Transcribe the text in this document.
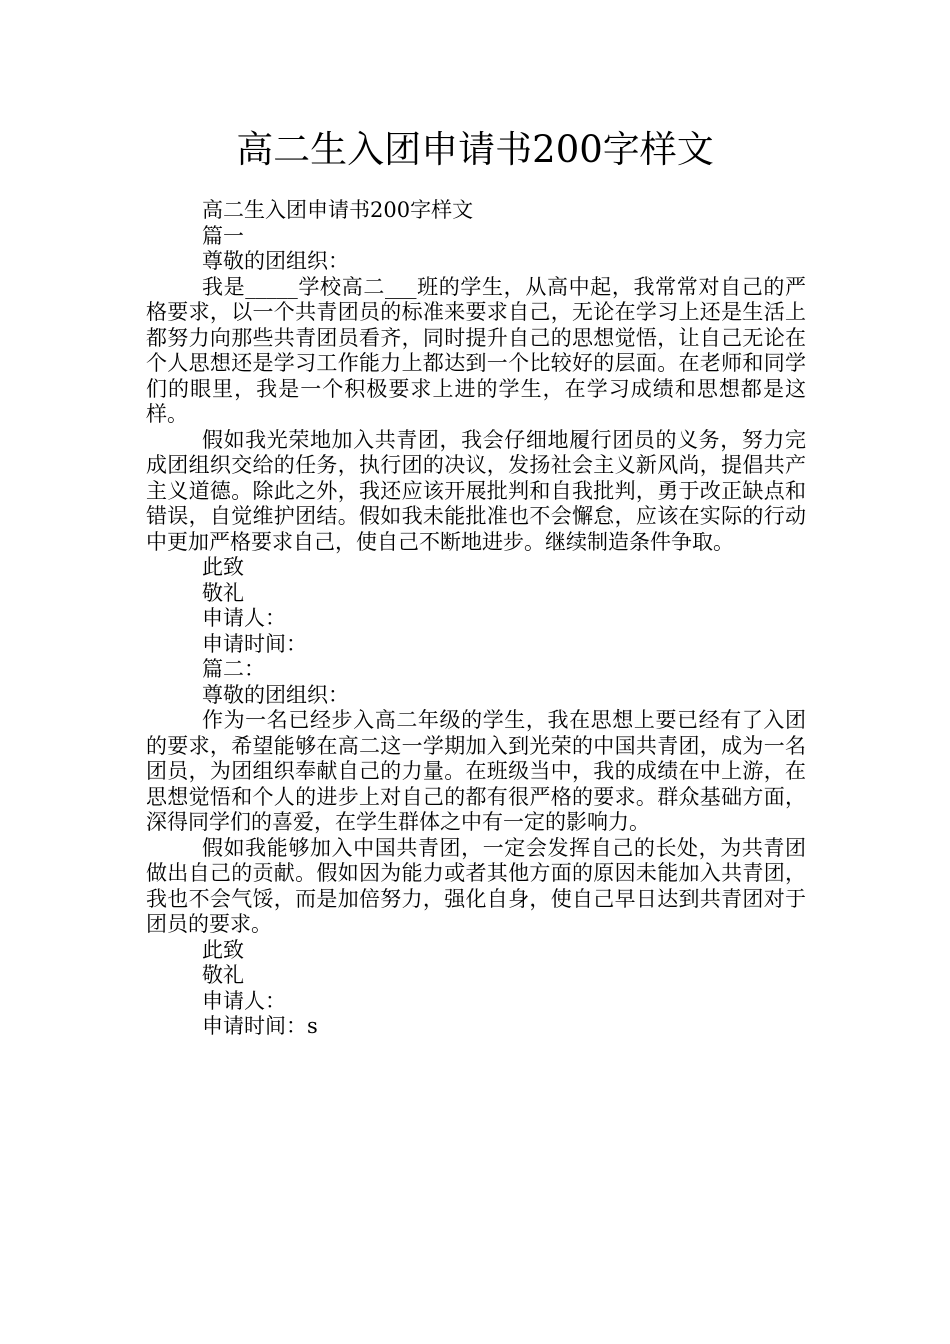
高二生入团申请书200字样文

高二生入团申请书200字样文

篇一

尊敬的团组织：

我是_____学校高二___班的学生，从高中起，我常常对自己的严格要求，以一个共青团员的标准来要求自己，无论在学习上还是生活上都努力向那些共青团员看齐，同时提升自己的思想觉悟，让自己无论在个人思想还是学习工作能力上都达到一个比较好的层面。在老师和同学们的眼里，我是一个积极要求上进的学生，在学习成绩和思想都是这样。

假如我光荣地加入共青团，我会仔细地履行团员的义务，努力完成团组织交给的任务，执行团的决议，发扬社会主义新风尚，提倡共产主义道德。除此之外，我还应该开展批判和自我批判，勇于改正缺点和错误，自觉维护团结。假如我未能批准也不会懈怠，应该在实际的行动中更加严格要求自己，使自己不断地进步。继续制造条件争取。

此致

敬礼

申请人：

申请时间：

篇二：

尊敬的团组织：

作为一名已经步入高二年级的学生，我在思想上要已经有了入团的要求，希望能够在高二这一学期加入到光荣的中国共青团，成为一名团员，为团组织奉献自己的力量。在班级当中，我的成绩在中上游，在思想觉悟和个人的进步上对自己的都有很严格的要求。群众基础方面，深得同学们的喜爱，在学生群体之中有一定的影响力。

假如我能够加入中国共青团，一定会发挥自己的长处，为共青团做出自己的贡献。假如因为能力或者其他方面的原因未能加入共青团，我也不会气馁，而是加倍努力，强化自身，使自己早日达到共青团对于团员的要求。

此致

敬礼

申请人：

申请时间：s
